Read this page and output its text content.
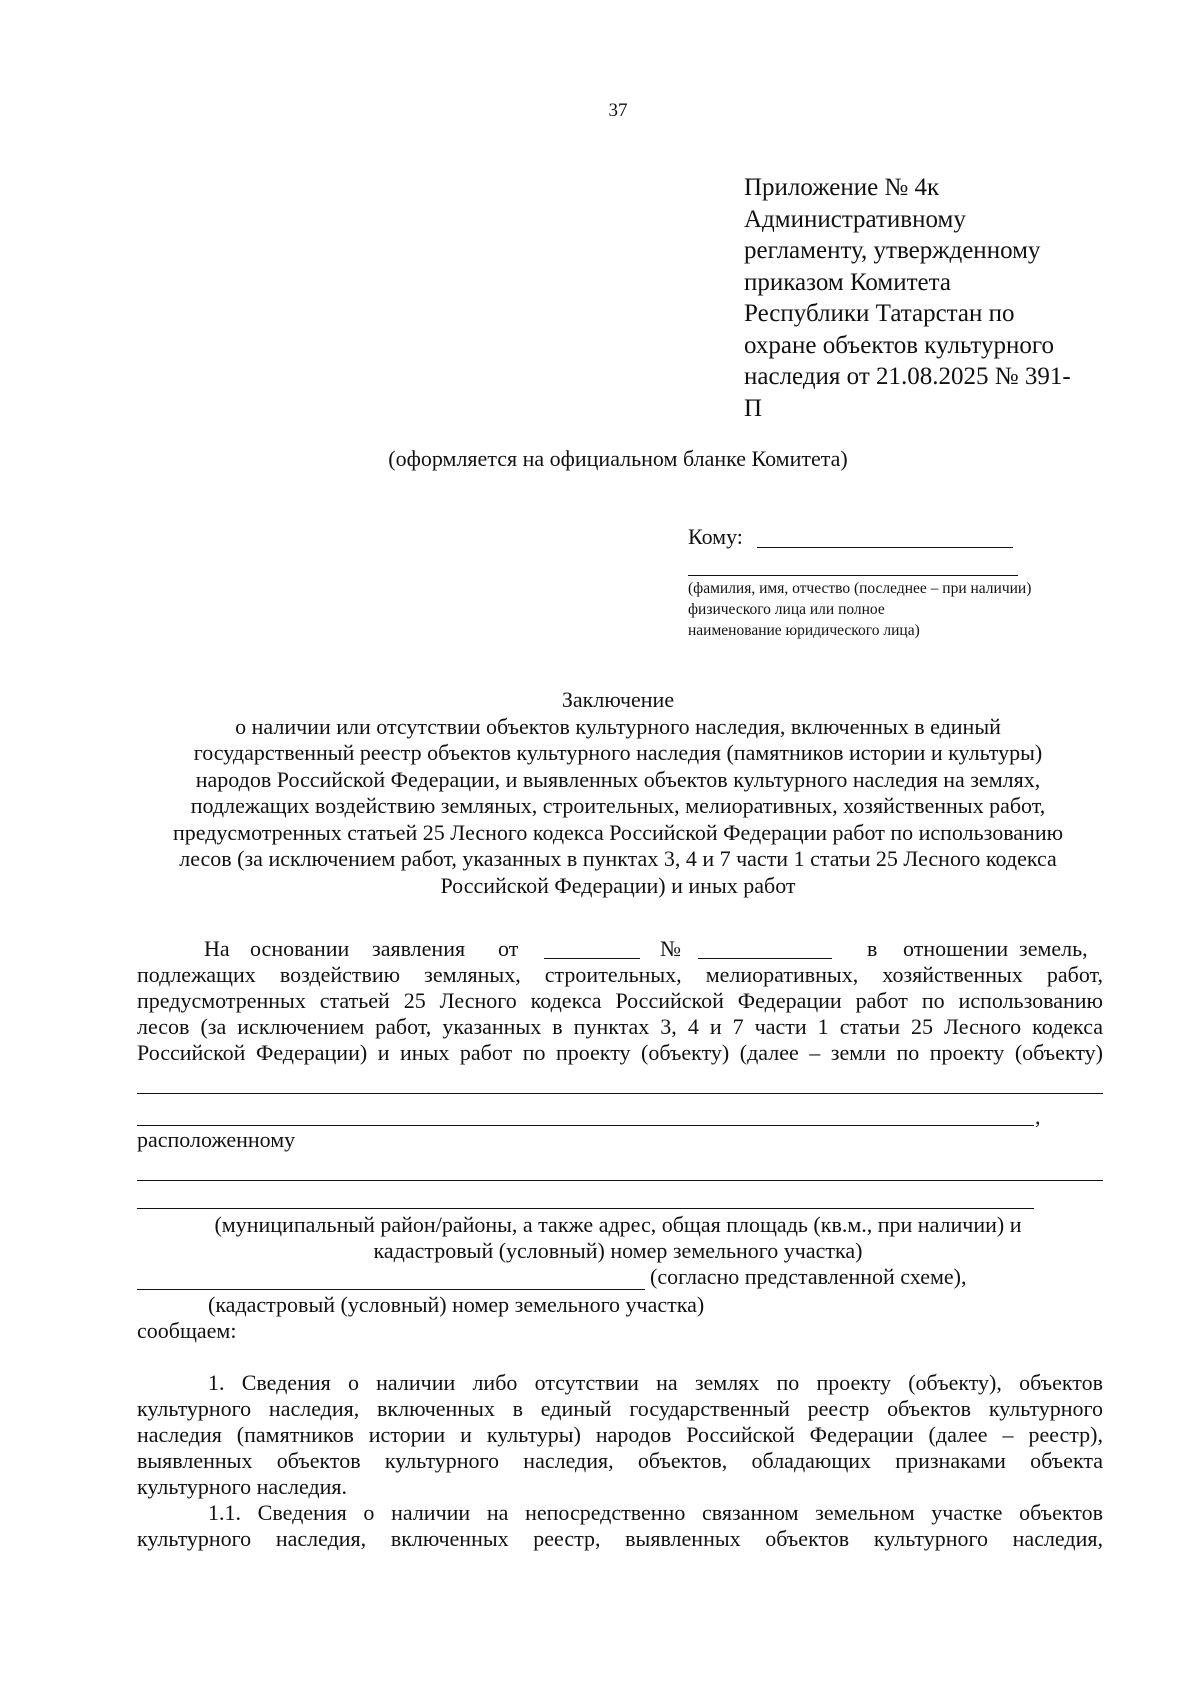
37
Приложение № 4к
Административному
регламенту, утвержденному
приказом Комитета
Республики Татарстан по
охране объектов культурного
наследия от 21.08.2025 № 391-
П
(оформляется на официальном бланке Комитета)
Кому:
(фамилия, имя, отчество (последнее – при наличии)
физического лица или полное
наименование юридического лица)
Заключение
о наличии или отсутствии объектов культурного наследия, включенных в единый
государственный реестр объектов культурного наследия (памятников истории и культуры)
народов Российской Федерации, и выявленных объектов культурного наследия на землях,
подлежащих воздействию земляных, строительных, мелиоративных, хозяйственных работ,
предусмотренных статьей 25 Лесного кодекса Российской Федерации работ по использованию
лесов (за исключением работ, указанных в пунктах 3, 4 и 7 части 1 статьи 25 Лесного кодекса
Российской Федерации) и иных работ
На основании заявления от	№	в отношении земель,
подлежащих воздействию земляных, строительных, мелиоративных, хозяйственных работ,
предусмотренных статьей 25 Лесного кодекса Российской Федерации работ по использованию
лесов (за исключением работ, указанных в пунктах 3, 4 и 7 части 1 статьи 25 Лесного кодекса
Российской Федерации) и иных работ по проекту (объекту) (далее – земли по проекту (объекту)
,
расположенному
(муниципальный район/районы, а также адрес, общая площадь (кв.м., при наличии) и
кадастровый (условный) номер земельного участка)
(согласно представленной схеме),
(кадастровый (условный) номер земельного участка)
сообщаем:
1. Сведения о наличии либо отсутствии на землях по проекту (объекту), объектов
культурного наследия, включенных в единый государственный реестр объектов культурного
наследия (памятников истории и культуры) народов Российской Федерации (далее – реестр),
выявленных объектов культурного наследия, объектов, обладающих признаками объекта
культурного наследия.
1.1. Сведения о наличии на непосредственно связанном земельном участке объектов
культурного наследия, включенных реестр, выявленных объектов культурного наследия,
